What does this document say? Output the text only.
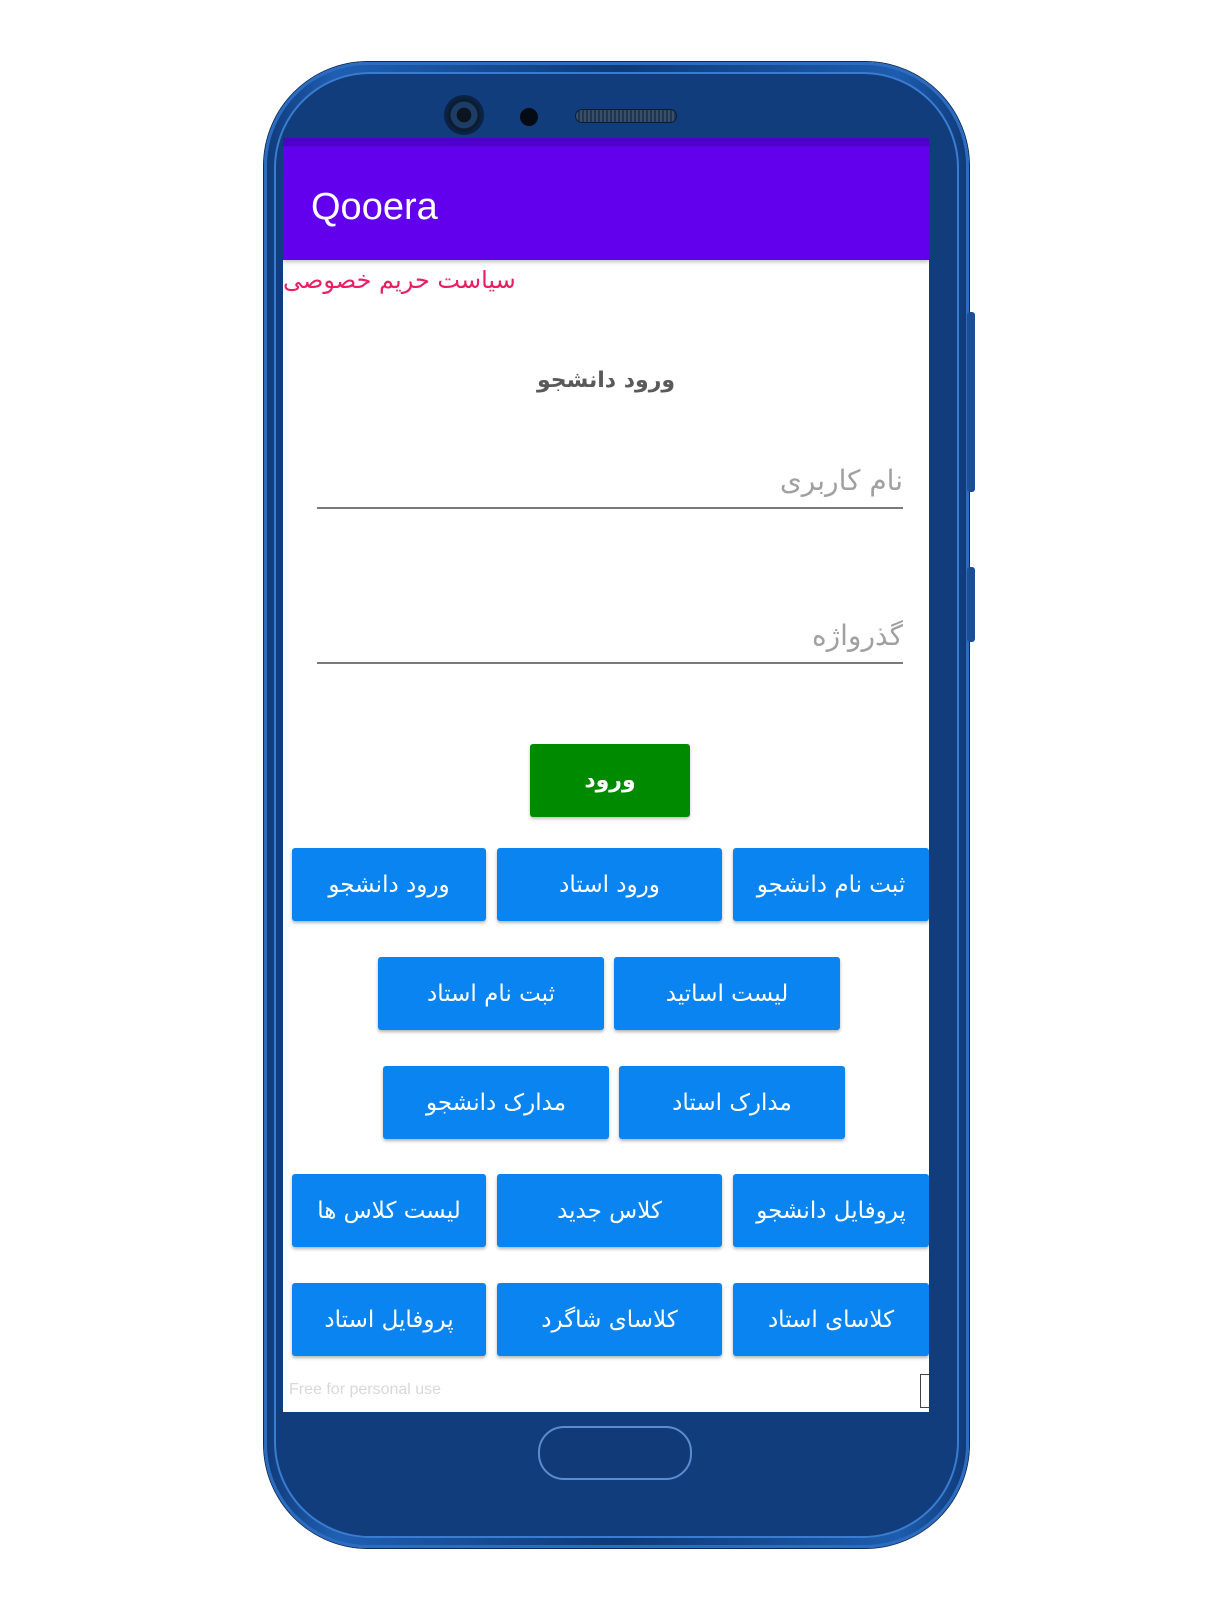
Qooera
سیاست حریم خصوصی
ورود دانشجو
نام کاربری
ورود
ورود دانشجو	ورود استاد	ثبت نام دانشجو
ثبت نام استاد	لیست اساتید
مدارک دانشجو	مدارک استاد
لیست کلاس ها	کلاس جدید	پروفایل دانشجو
پروفایل استاد	کلاسای شاگرد	کلاسای استاد
Free for personal use
